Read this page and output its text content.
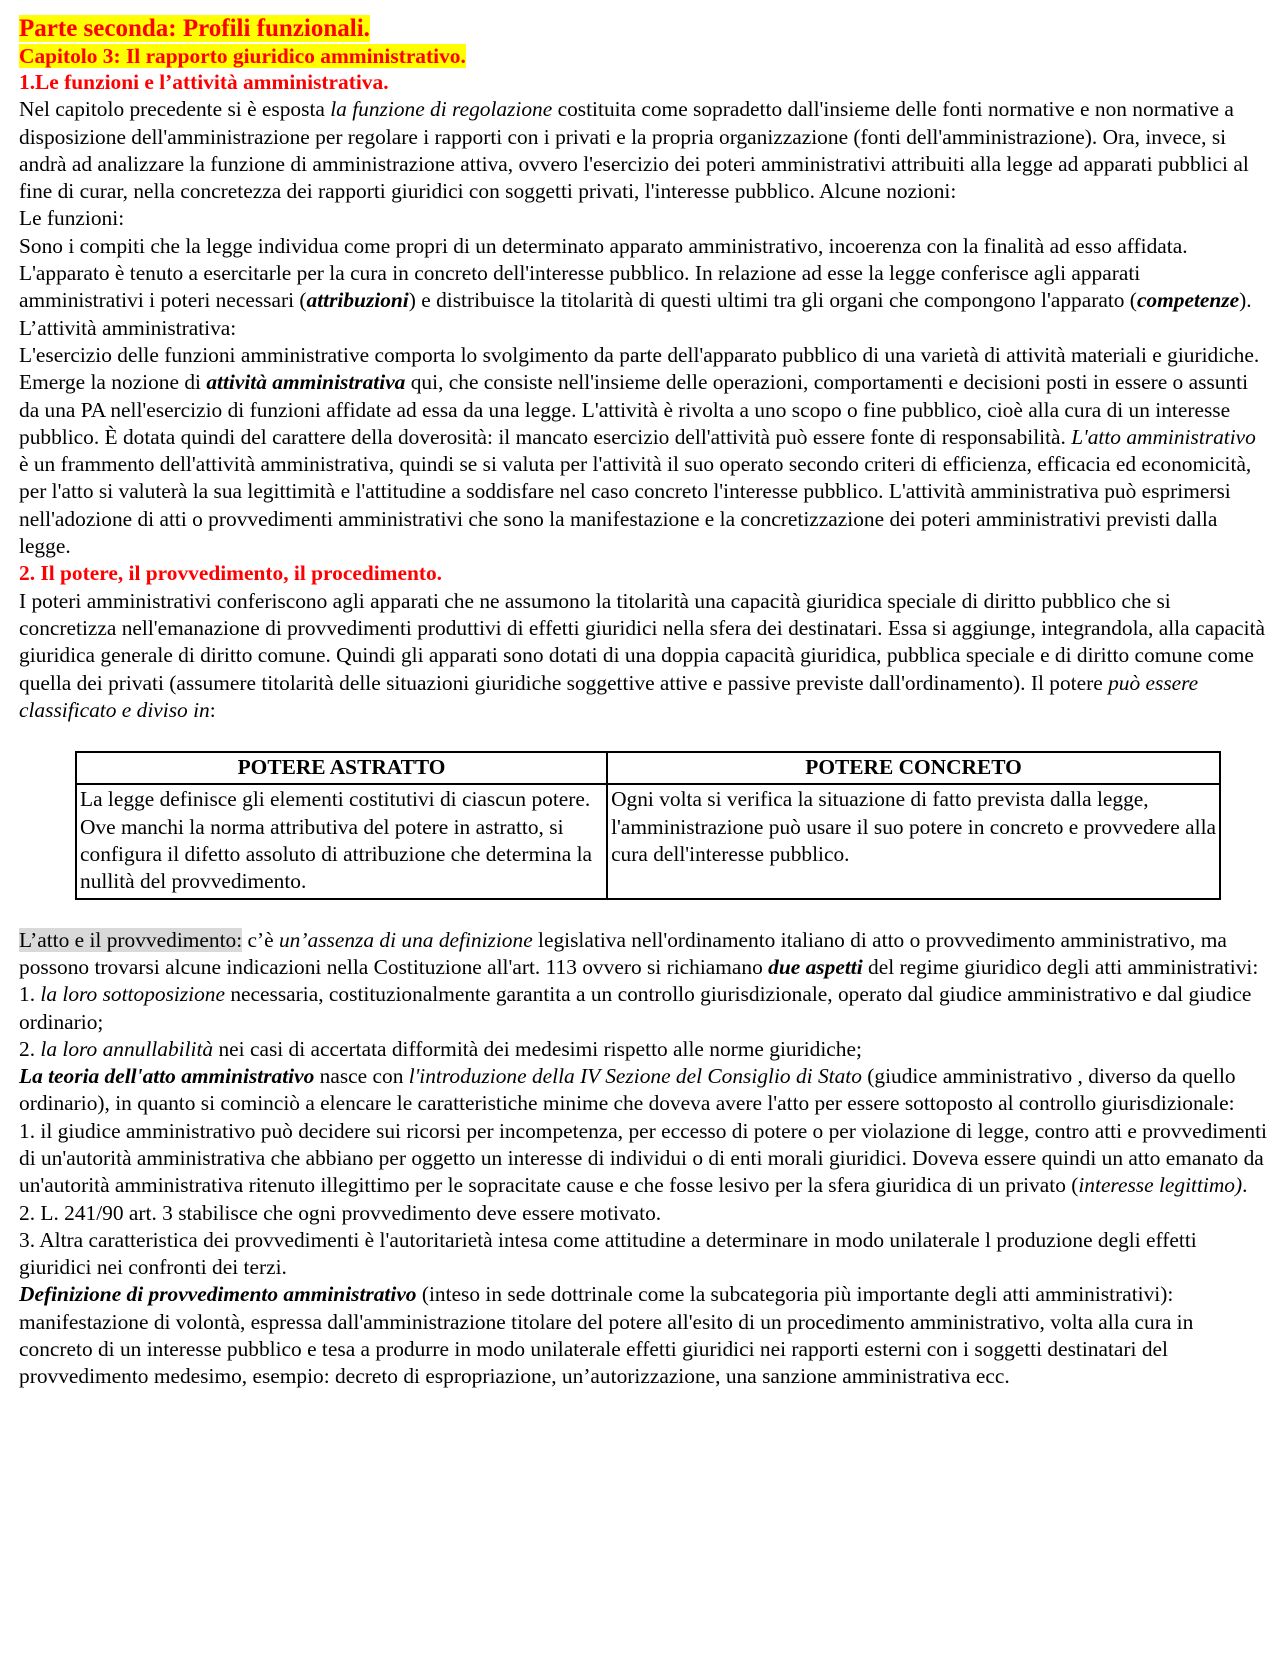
Parte seconda: Profili funzionali.
Capitolo 3: Il rapporto giuridico amministrativo.
1.Le funzioni e l’attività amministrativa.

Nel capitolo precedente si è esposta la funzione di regolazione costituita come sopradetto dall'insieme delle fonti normative e non normative a disposizione dell'amministrazione per regolare i rapporti con i privati e la propria organizzazione (fonti dell'amministrazione). Ora, invece, si andrà ad analizzare la funzione di amministrazione attiva, ovvero l'esercizio dei poteri amministrativi attribuiti alla legge ad apparati pubblici al fine di curar, nella concretezza dei rapporti giuridici con soggetti privati, l'interesse pubblico. Alcune nozioni:

Le funzioni:

Sono i compiti che la legge individua come propri di un determinato apparato amministrativo, incoerenza con la finalità ad esso affidata. L'apparato è tenuto a esercitarle per la cura in concreto dell'interesse pubblico. In relazione ad esse la legge conferisce agli apparati amministrativi i poteri necessari (attribuzioni) e distribuisce la titolarità di questi ultimi tra gli organi che compongono l'apparato (competenze).

L’attività amministrativa:

L'esercizio delle funzioni amministrative comporta lo svolgimento da parte dell'apparato pubblico di una varietà di attività materiali e giuridiche. Emerge la nozione di attività amministrativa qui, che consiste nell'insieme delle operazioni, comportamenti e decisioni posti in essere o assunti da una PA nell'esercizio di funzioni affidate ad essa da una legge. L'attività è rivolta a uno scopo o fine pubblico, cioè alla cura di un interesse pubblico. È dotata quindi del carattere della doverosità: il mancato esercizio dell'attività può essere fonte di responsabilità. L'atto amministrativo è un frammento dell'attività amministrativa, quindi se si valuta per l'attività il suo operato secondo criteri di efficienza, efficacia ed economicità, per l'atto si valuterà la sua legittimità e l'attitudine a soddisfare nel caso concreto l'interesse pubblico. L'attività amministrativa può esprimersi nell'adozione di atti o provvedimenti amministrativi che sono la manifestazione e la concretizzazione dei poteri amministrativi previsti dalla legge.

2. Il potere, il provvedimento, il procedimento.

I poteri amministrativi conferiscono agli apparati che ne assumono la titolarità una capacità giuridica speciale di diritto pubblico che si concretizza nell'emanazione di provvedimenti produttivi di effetti giuridici nella sfera dei destinatari. Essa si aggiunge, integrandola, alla capacità giuridica generale di diritto comune. Quindi gli apparati sono dotati di una doppia capacità giuridica, pubblica speciale e di diritto comune come quella dei privati (assumere titolarità delle situazioni giuridiche soggettive attive e passive previste dall'ordinamento). Il potere può essere classificato e diviso in:

POTERE ASTRATTO	POTERE CONCRETO
La legge definisce gli elementi costitutivi di ciascun potere. Ove manchi la norma attributiva del potere in astratto, si configura il difetto assoluto di attribuzione che determina la nullità del provvedimento.	Ogni volta si verifica la situazione di fatto prevista dalla legge, l'amministrazione può usare il suo potere in concreto e provvedere alla cura dell'interesse pubblico.

L’atto e il provvedimento: c’è un’assenza di una definizione legislativa nell'ordinamento italiano di atto o provvedimento amministrativo, ma possono trovarsi alcune indicazioni nella Costituzione all'art. 113 ovvero si richiamano due aspetti del regime giuridico degli atti amministrativi:

1. la loro sottoposizione necessaria, costituzionalmente garantita a un controllo giurisdizionale, operato dal giudice amministrativo e dal giudice ordinario;

2. la loro annullabilità nei casi di accertata difformità dei medesimi rispetto alle norme giuridiche;

La teoria dell'atto amministrativo nasce con l'introduzione della IV Sezione del Consiglio di Stato (giudice amministrativo , diverso da quello ordinario), in quanto si cominciò a elencare le caratteristiche minime che doveva avere l'atto per essere sottoposto al controllo giurisdizionale:

1. il giudice amministrativo può decidere sui ricorsi per incompetenza, per eccesso di potere o per violazione di legge, contro atti e provvedimenti di un'autorità amministrativa che abbiano per oggetto un interesse di individui o di enti morali giuridici. Doveva essere quindi un atto emanato da un'autorità amministrativa ritenuto illegittimo per le sopracitate cause e che fosse lesivo per la sfera giuridica di un privato (interesse legittimo).

2. L. 241/90 art. 3 stabilisce che ogni provvedimento deve essere motivato.

3. Altra caratteristica dei provvedimenti è l'autoritarietà intesa come attitudine a determinare in modo unilaterale l produzione degli effetti giuridici nei confronti dei terzi.

Definizione di provvedimento amministrativo (inteso in sede dottrinale come la subcategoria più importante degli atti amministrativi): manifestazione di volontà, espressa dall'amministrazione titolare del potere all'esito di un procedimento amministrativo, volta alla cura in concreto di un interesse pubblico e tesa a produrre in modo unilaterale effetti giuridici nei rapporti esterni con i soggetti destinatari del provvedimento medesimo, esempio: decreto di espropriazione, un’autorizzazione, una sanzione amministrativa ecc.
